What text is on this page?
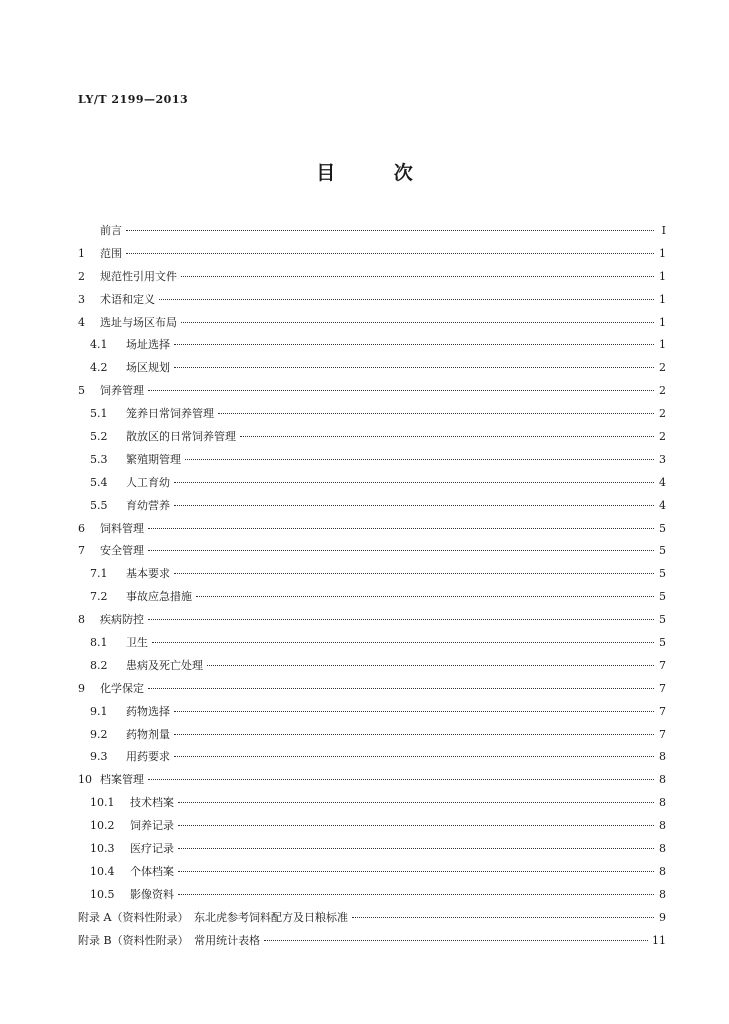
LY/T 2199—2013
目 次
前言	Ⅰ
1	范围	1
2	规范性引用文件	1
3	术语和定义	1
4	选址与场区布局	1
4.1	场址选择	1
4.2	场区规划	2
5	饲养管理	2
5.1	笼养日常饲养管理	2
5.2	散放区的日常饲养管理	2
5.3	繁殖期管理	3
5.4	人工育幼	4
5.5	育幼营养	4
6	饲料管理	5
7	安全管理	5
7.1	基本要求	5
7.2	事故应急措施	5
8	疾病防控	5
8.1	卫生	5
8.2	患病及死亡处理	7
9	化学保定	7
9.1	药物选择	7
9.2	药物剂量	7
9.3	用药要求	8
10 档案管理	8
10.1	技术档案	8
10.2	饲养记录	8
10.3	医疗记录	8
10.4	个体档案	8
10.5	影像资料	8
附录 A（资料性附录）　东北虎参考饲料配方及日粮标准	9
附录 B（资料性附录）　常用统计表格	11
